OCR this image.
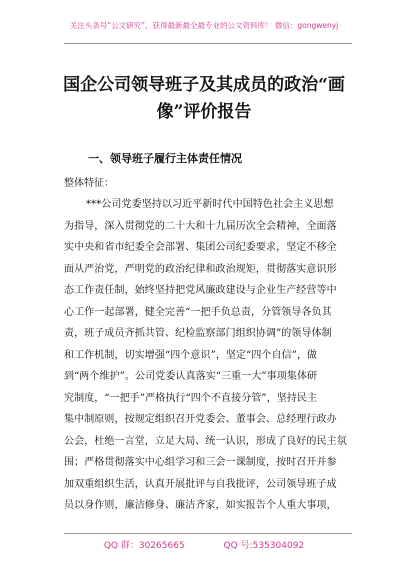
关注头条号“公文研究”，获得最新最全最专业的公文资料库！ 微信：gongwenyj
国企公司领导班子及其成员的政治“画
像”评价报告
一、领导班子履行主体责任情况
整体特征：
***公司党委坚持以习近平新时代中国特色社会主义思想
为指导，深入贯彻党的二十大和十九届历次全会精神，全面落
实中央和省市纪委全会部署、集团公司纪委要求，坚定不移全
面从严治党，严明党的政治纪律和政治规矩，贯彻落实意识形
态工作责任制，始终坚持把党风廉政建设与企业生产经营等中
心工作一起部署，健全完善“一把手负总责，分管领导各负其
责，班子成员齐抓共管、纪检监察部门组织协调”的领导体制
和工作机制，切实增强“四个意识”，坚定“四个自信”，做
到“两个维护”。公司党委认真落实“三重一大”事项集体研
究制度，“一把手”严格执行“四个不直接分管”，坚持民主
集中制原则，按规定组织召开党委会、董事会、总经理行政办
公会，杜绝一言堂，立足大局、统一认识，形成了良好的民主氛
围；严格贯彻落实中心组学习和三会一课制度，按时召开并参
加双重组织生活，认真开展批评与自我批评，公司领导班子成
员以身作则，廉洁修身、廉洁齐家，如实报告个人重大事项，
QQ 群：30265665	QQ 号:535304092
